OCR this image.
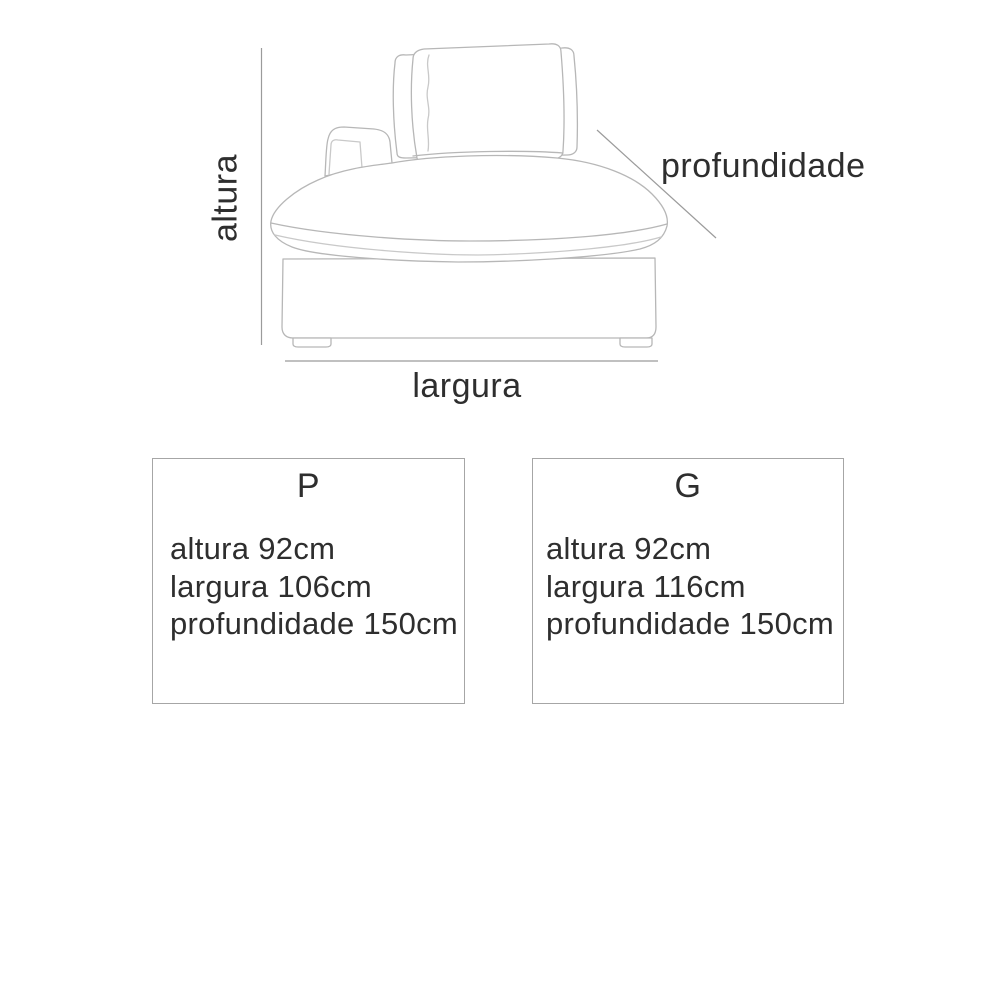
altura	profundidade
largura
P
altura 92cm
largura 106cm
profundidade 150cm
G
altura 92cm
largura 116cm
profundidade 150cm
